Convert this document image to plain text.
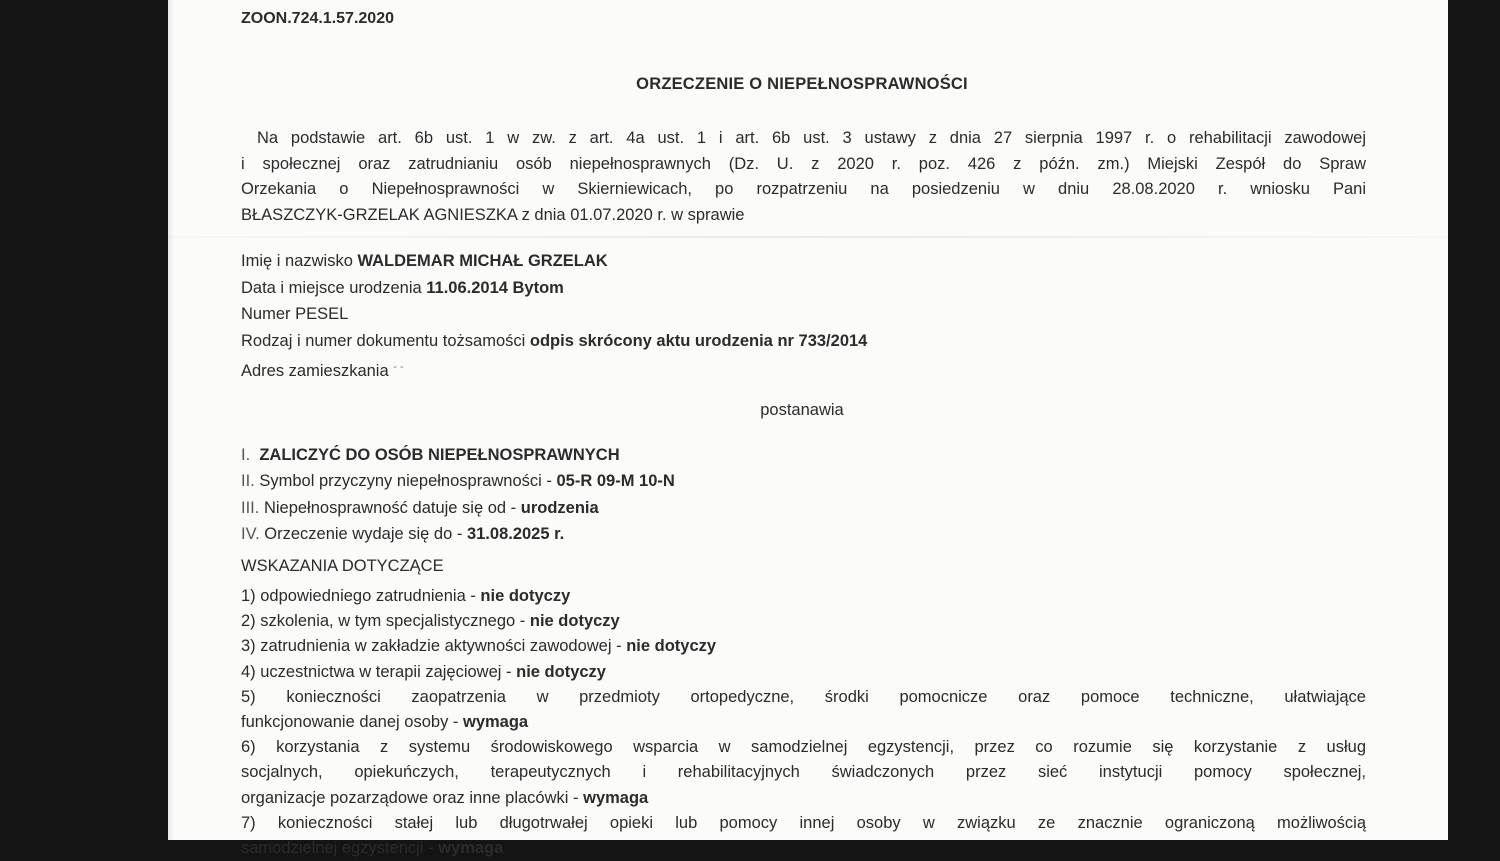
ZOON.724.1.57.2020
ORZECZENIE O NIEPEŁNOSPRAWNOŚCI
Na podstawie art. 6b ust. 1 w zw. z art. 4a ust. 1 i art. 6b ust. 3 ustawy z dnia 27 sierpnia 1997 r. o rehabilitacji zawodowej
i społecznej oraz zatrudnianiu osób niepełnosprawnych (Dz. U. z 2020 r. poz. 426 z późn. zm.) Miejski Zespół do Spraw
Orzekania o Niepełnosprawności w Skierniewicach, po rozpatrzeniu na posiedzeniu w dniu 28.08.2020 r. wniosku Pani
BŁASZCZYK-GRZELAK AGNIESZKA z dnia 01.07.2020 r. w sprawie
Imię i nazwisko WALDEMAR MICHAŁ GRZELAK
Data i miejsce urodzenia 11.06.2014 Bytom
Numer PESEL
Rodzaj i numer dokumentu tożsamości odpis skrócony aktu urodzenia nr 733/2014
Adres zamieszkania - -
postanawia
I. ZALICZYĆ DO OSÓB NIEPEŁNOSPRAWNYCH
II. Symbol przyczyny niepełnosprawności - 05-R 09-M 10-N
III. Niepełnosprawność datuje się od - urodzenia
IV. Orzeczenie wydaje się do - 31.08.2025 r.
WSKAZANIA DOTYCZĄCE
1) odpowiedniego zatrudnienia - nie dotyczy
2) szkolenia, w tym specjalistycznego - nie dotyczy
3) zatrudnienia w zakładzie aktywności zawodowej - nie dotyczy
4) uczestnictwa w terapii zajęciowej - nie dotyczy
5) konieczności zaopatrzenia w przedmioty ortopedyczne, środki pomocnicze oraz pomoce techniczne, ułatwiające
funkcjonowanie danej osoby - wymaga
6) korzystania z systemu środowiskowego wsparcia w samodzielnej egzystencji, przez co rozumie się korzystanie z usług
socjalnych, opiekuńczych, terapeutycznych i rehabilitacyjnych świadczonych przez sieć instytucji pomocy społecznej,
organizacje pozarządowe oraz inne placówki - wymaga
7) konieczności stałej lub długotrwałej opieki lub pomocy innej osoby w związku ze znacznie ograniczoną możliwością
samodzielnej egzystencji - wymaga
